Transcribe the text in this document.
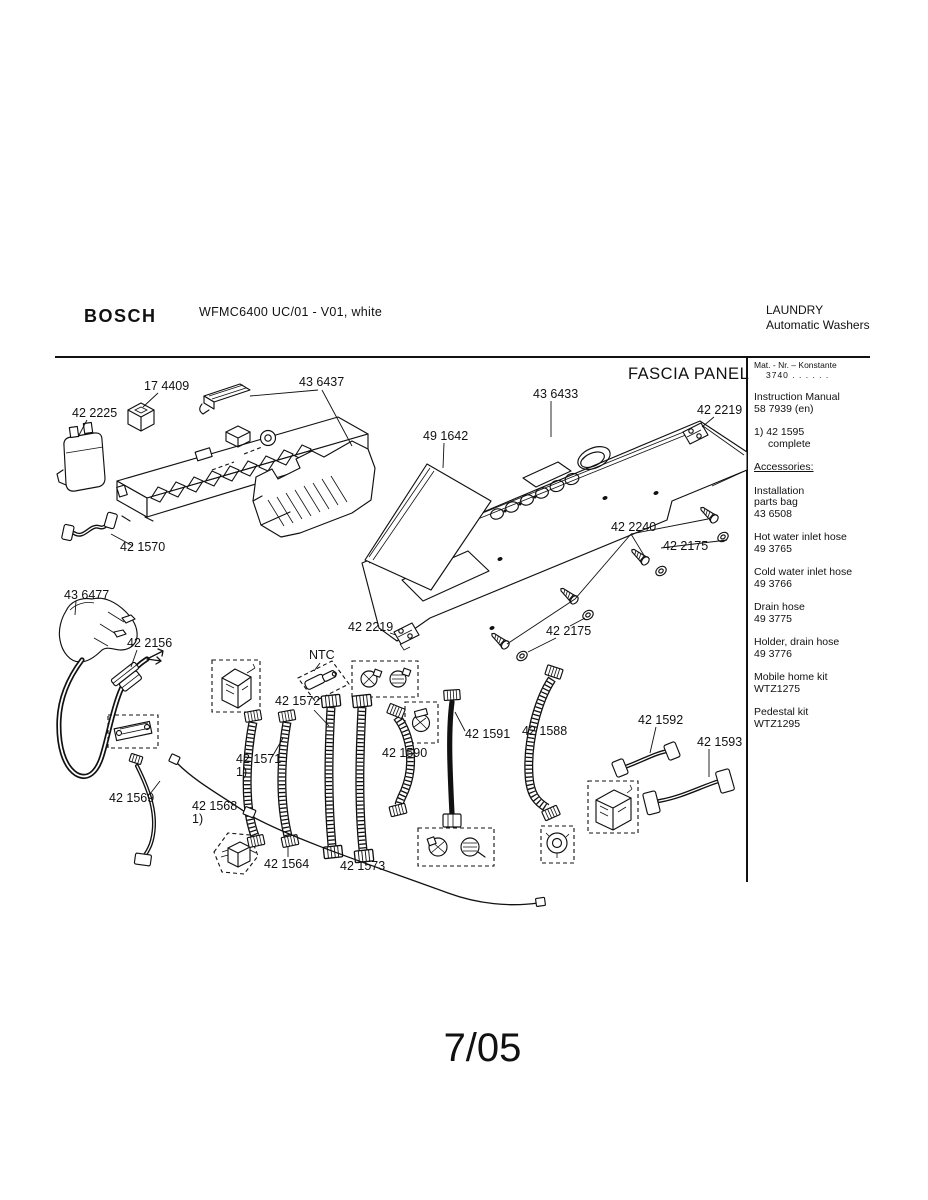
BOSCH	WFMC6400 UC/01 - V01, white	LAUNDRY
Automatic Washers
FASCIA PANEL
7/05
Mat. - Nr. – Konstante
3740 . . . . . .
Instruction Manual
58 7939 (en)
1) 42 1595
complete
Accessories:
Installation
parts bag
43 6508
Hot water inlet hose
49 3765
Cold water inlet hose
49 3766
Drain hose
49 3775
Holder, drain hose
49 3776
Mobile home kit
WTZ1275
Pedestal kit
WTZ1295
17 4409	43 6437
42 2225
43 6433
49 1642
42 2219
42 1570
42 2240
42 2175
42 2175
42 2219
43 6477
42 2156
NTC
42 1572
42 1571
1)
42 1569
42 1568
1)
42 1564 42 1573
42 1590
42 1591 42 1588
42 1592
42 1593
